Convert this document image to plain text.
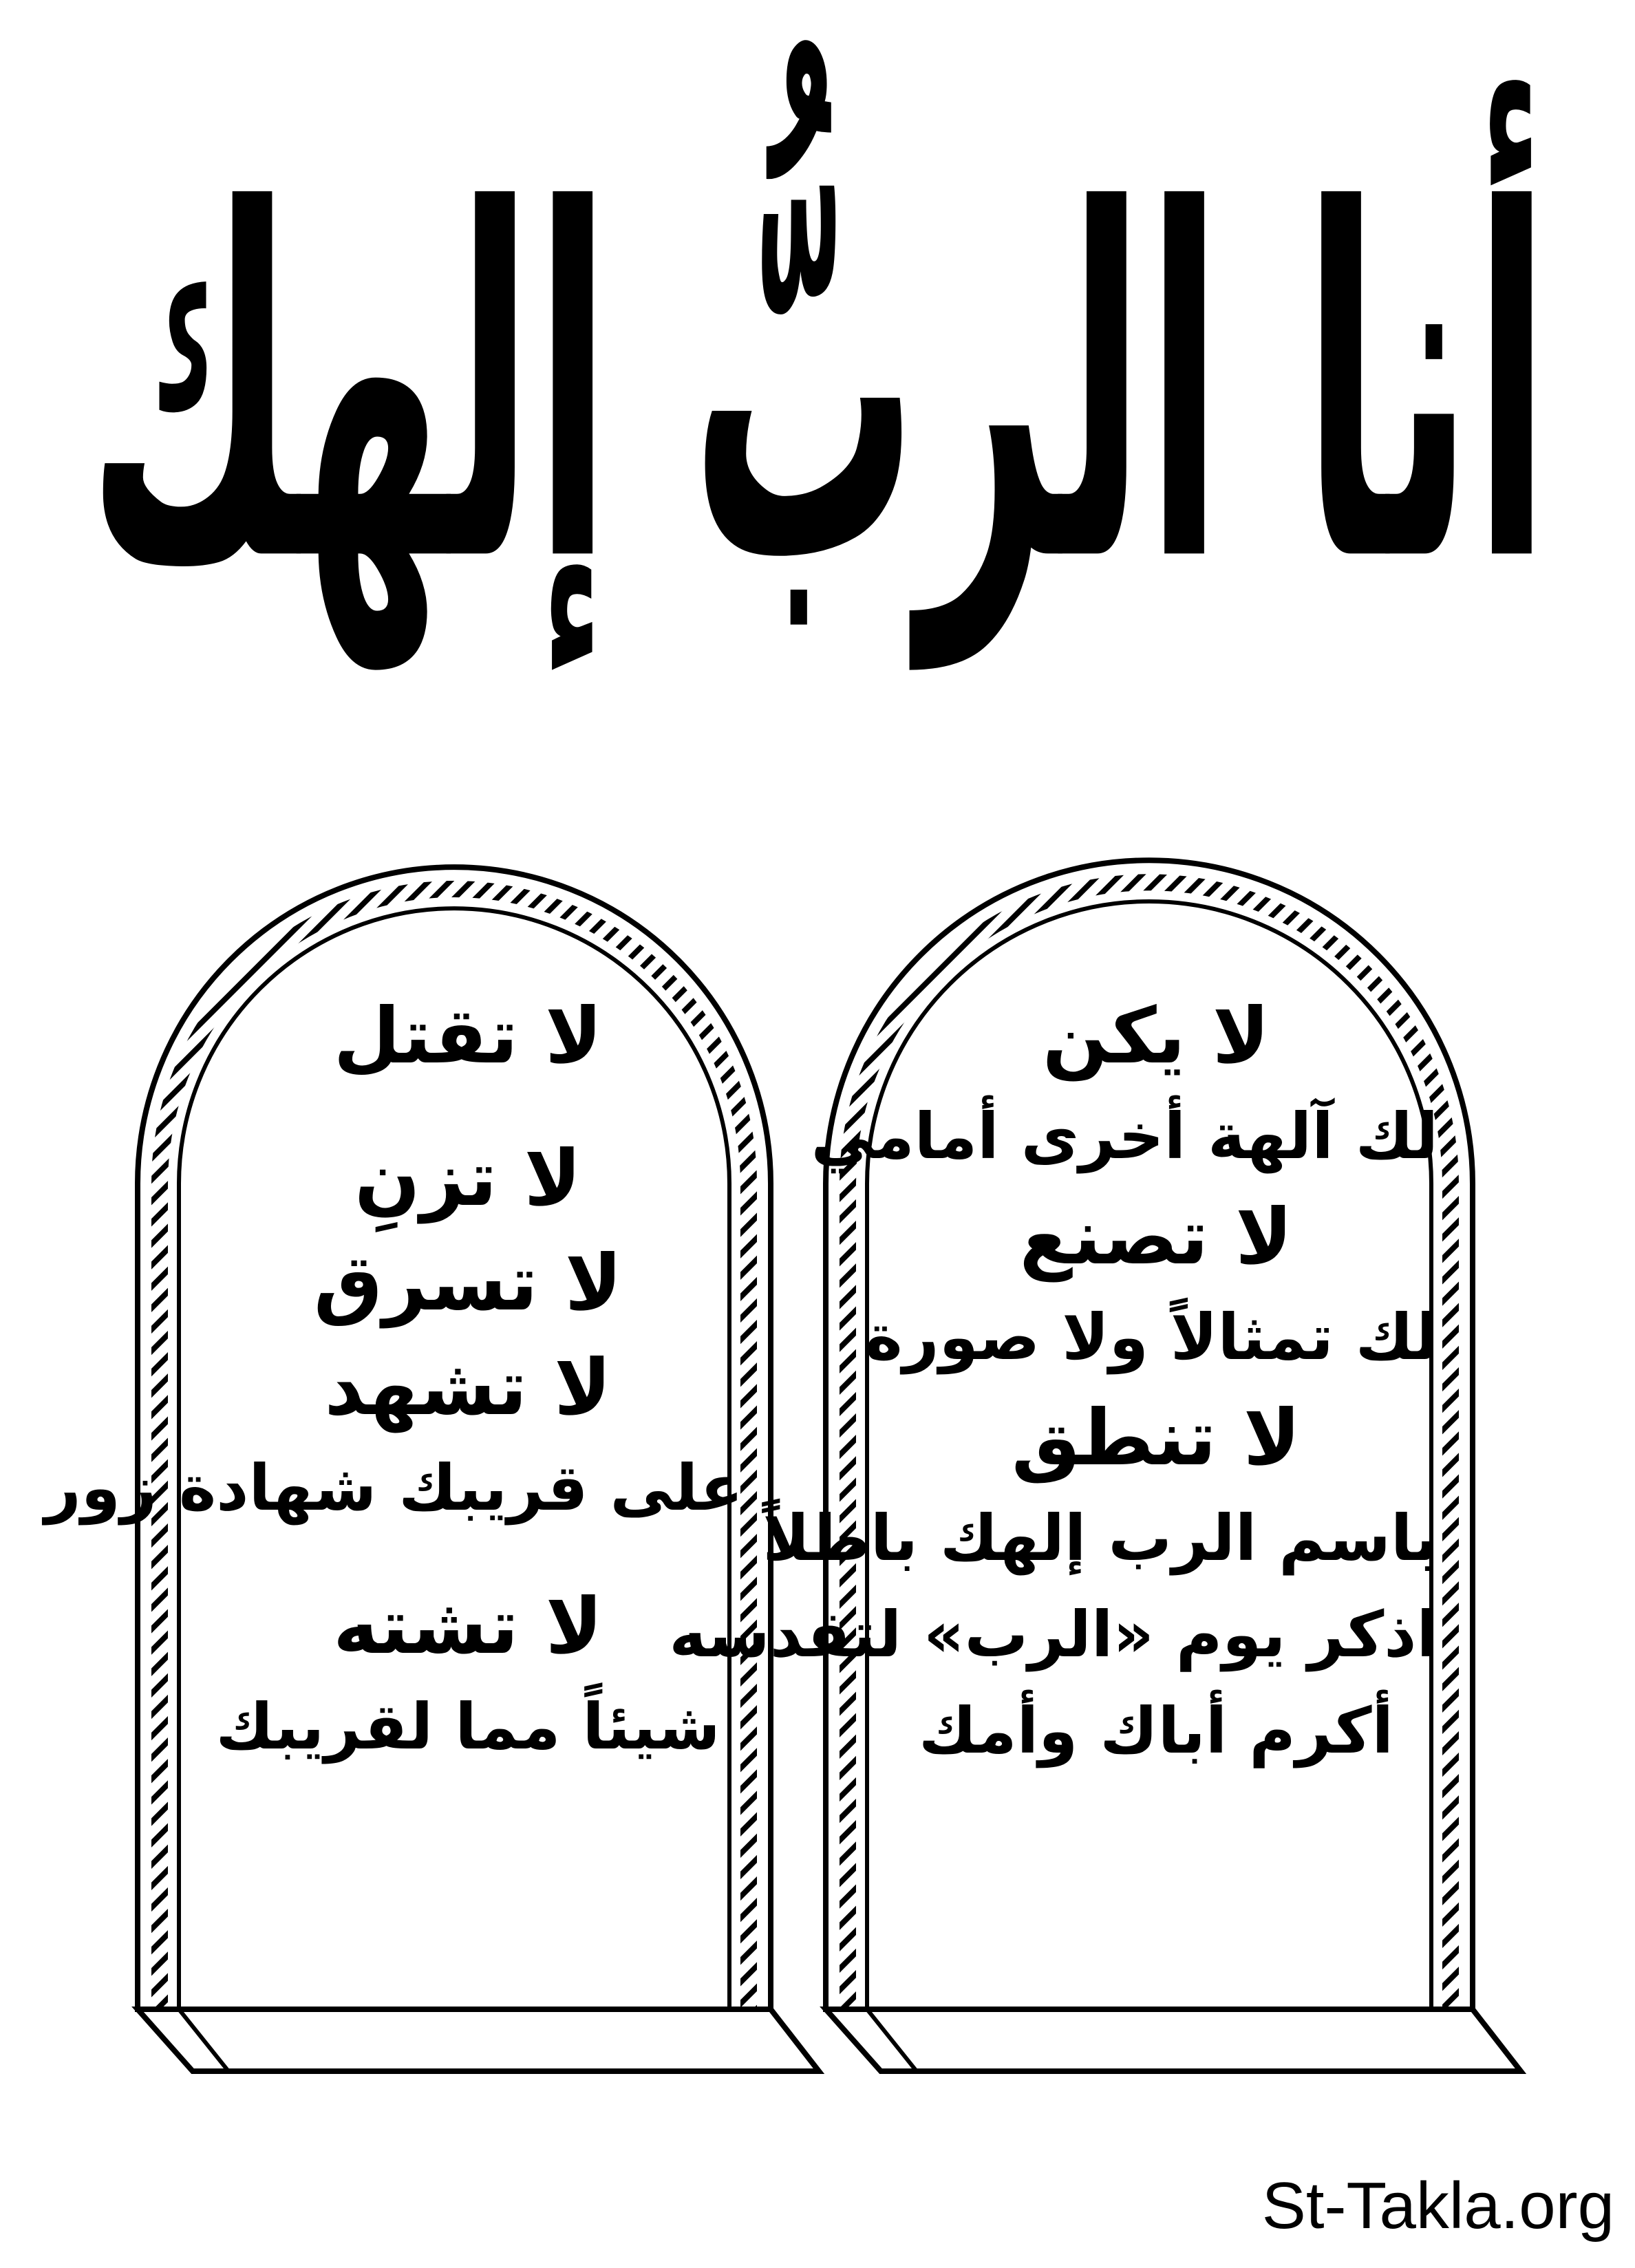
أنا الربُّ إلهك
لا تقتل
لا تزنِ
لا تسرق
لا تشهد
على قريبك شهادة زور
لا تشته
شيئاً مما لقريبك
لا يكن
لك آلهة أخرى أمامي
لا تصنع
لك تمثالاً ولا صورة
لا تنطق
باسم الرب إلهك باطلاً
اذكر يوم «الرب» لتقدسه
أكرم أباك وأمك
St-Takla.org
